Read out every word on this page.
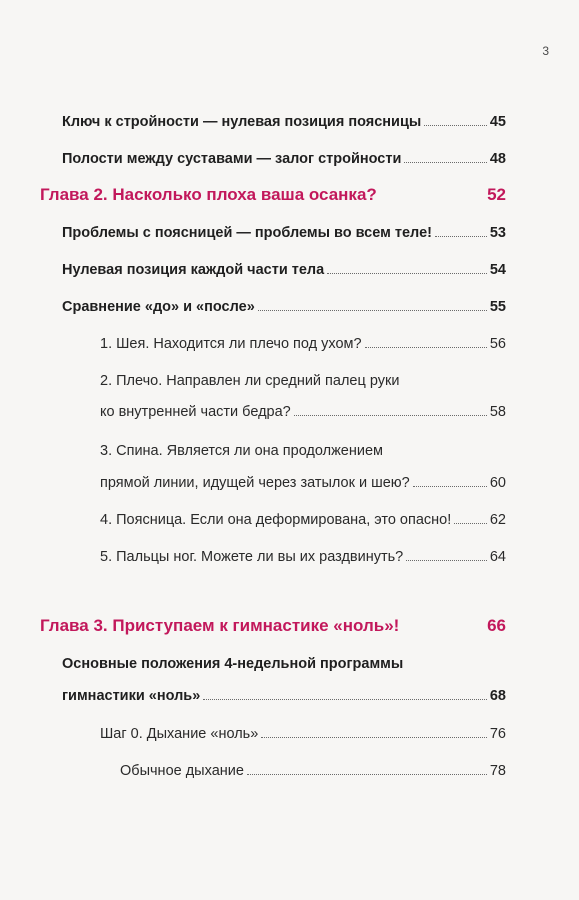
3
Ключ к стройности — нулевая позиция поясницы	45
Полости между суставами — залог стройности	48
Глава 2. Насколько плоха ваша осанка?	52
Проблемы с поясницей — проблемы во всем теле!	53
Нулевая позиция каждой части тела	54
Сравнение «до» и «после»	55
1. Шея. Находится ли плечо под ухом?	56
2. Плечо. Направлен ли средний палец руки
ко внутренней части бедра?	58
3. Спина. Является ли она продолжением
прямой линии, идущей через затылок и шею?	60
4. Поясница. Если она деформирована, это опасно!	62
5. Пальцы ног. Можете ли вы их раздвинуть?	64
Глава 3. Приступаем к гимнастике «ноль»!	66
Основные положения 4-недельной программы
гимнастики «ноль»	68
Шаг 0. Дыхание «ноль»	76
Обычное дыхание	78
